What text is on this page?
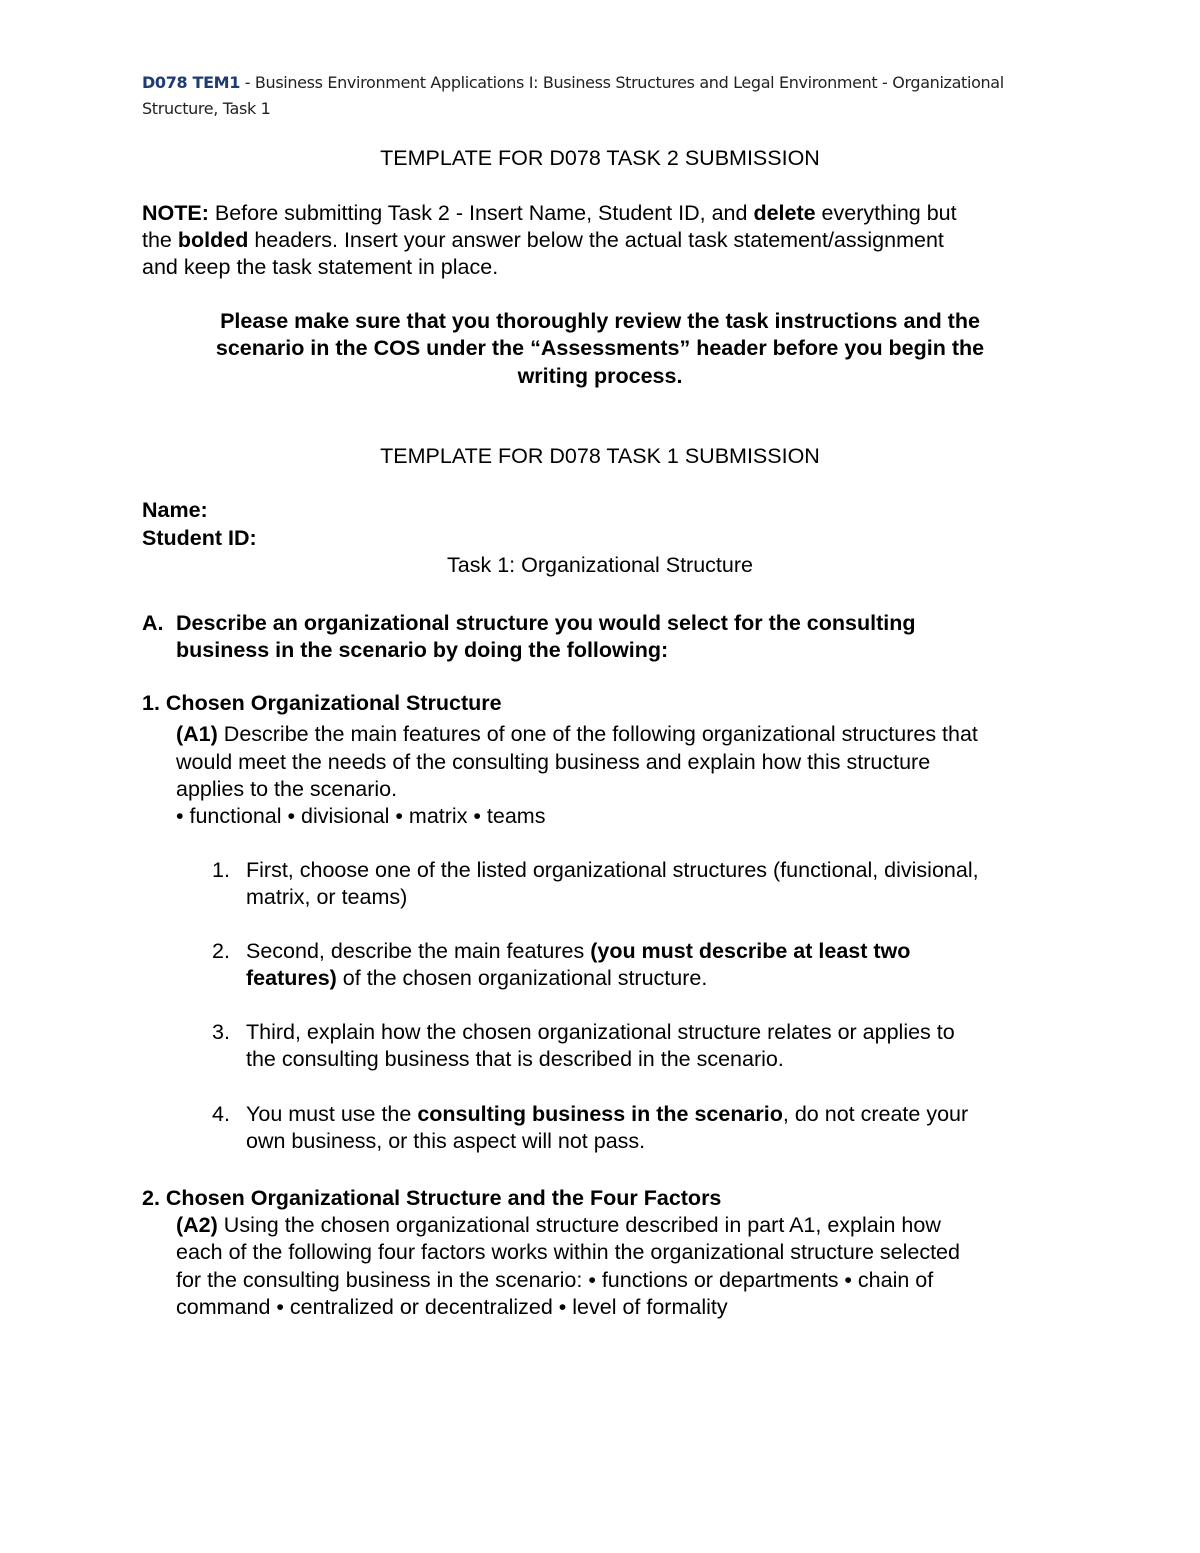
D078 TEM1 - Business Environment Applications I: Business Structures and Legal Environment - Organizational
Structure, Task 1
TEMPLATE FOR D078 TASK 2 SUBMISSION
NOTE: Before submitting Task 2 - Insert Name, Student ID, and delete everything but
the bolded headers. Insert your answer below the actual task statement/assignment
and keep the task statement in place.
Please make sure that you thoroughly review the task instructions and the
scenario in the COS under the “Assessments” header before you begin the
writing process.
TEMPLATE FOR D078 TASK 1 SUBMISSION
Name:
Student ID:
Task 1: Organizational Structure
A. Describe an organizational structure you would select for the consulting
business in the scenario by doing the following:
1. Chosen Organizational Structure
(A1) Describe the main features of one of the following organizational structures that
would meet the needs of the consulting business and explain how this structure
applies to the scenario.
• functional • divisional • matrix • teams
1. First, choose one of the listed organizational structures (functional, divisional,
matrix, or teams)
2. Second, describe the main features (you must describe at least two
features) of the chosen organizational structure.
3. Third, explain how the chosen organizational structure relates or applies to
the consulting business that is described in the scenario.
4. You must use the consulting business in the scenario, do not create your
own business, or this aspect will not pass.
2. Chosen Organizational Structure and the Four Factors
(A2) Using the chosen organizational structure described in part A1, explain how
each of the following four factors works within the organizational structure selected
for the consulting business in the scenario: • functions or departments • chain of
command • centralized or decentralized • level of formality
